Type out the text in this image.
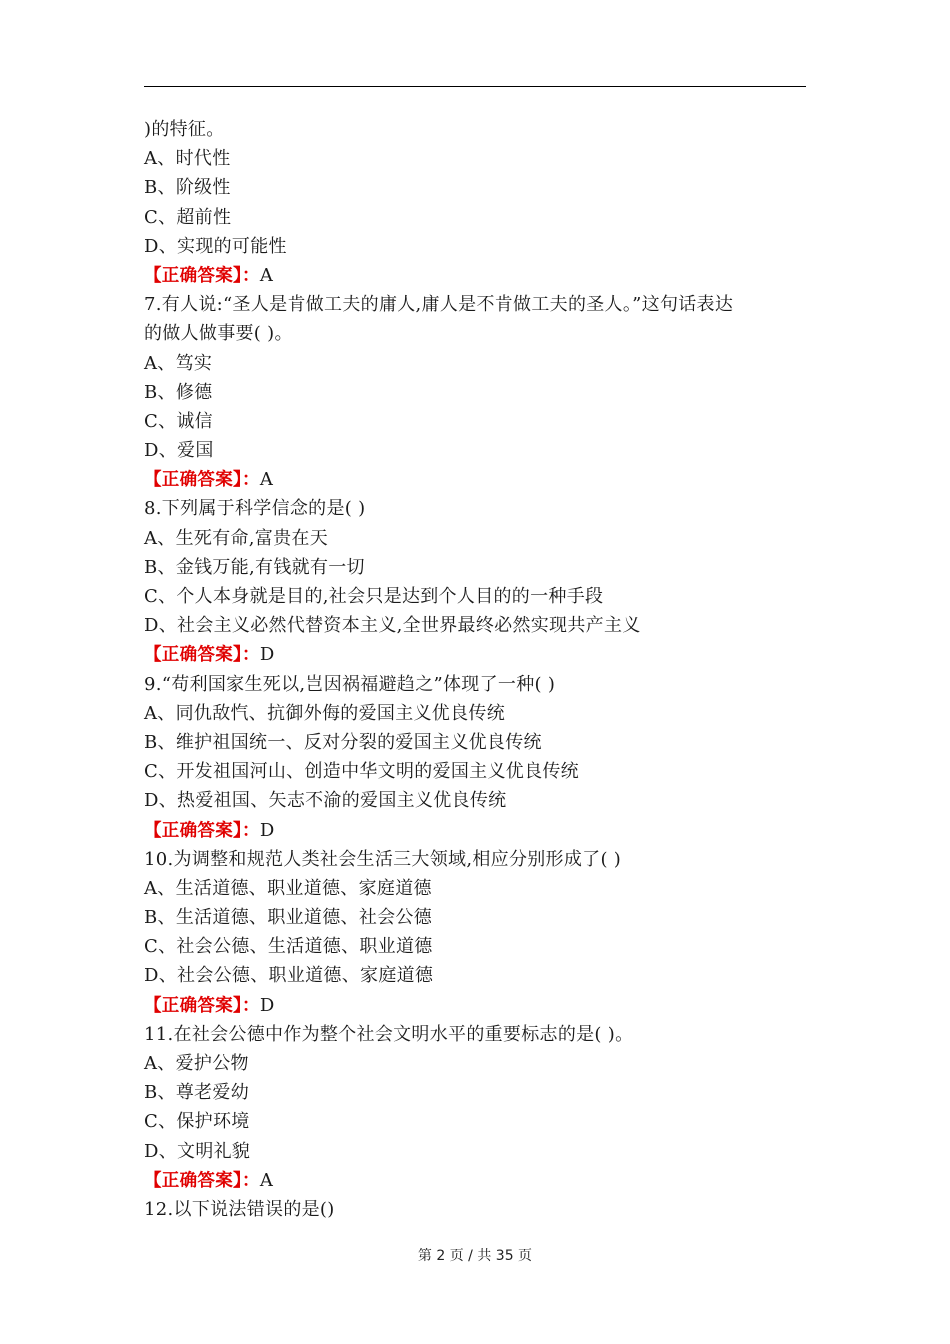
)的特征。
A、时代性
B、阶级性
C、超前性
D、实现的可能性
【正确答案】：A
7.有人说:“圣人是肯做工夫的庸人,庸人是不肯做工夫的圣人。”这句话表达
的做人做事要( )。
A、笃实
B、修德
C、诚信
D、爱国
【正确答案】：A
8.下列属于科学信念的是( )
A、生死有命,富贵在天
B、金钱万能,有钱就有一切
C、个人本身就是目的,社会只是达到个人目的的一种手段
D、社会主义必然代替资本主义,全世界最终必然实现共产主义
【正确答案】：D
9.“苟利国家生死以,岂因祸福避趋之”体现了一种( )
A、同仇敌忾、抗御外侮的爱国主义优良传统
B、维护祖国统一、反对分裂的爱国主义优良传统
C、开发祖国河山、创造中华文明的爱国主义优良传统
D、热爱祖国、矢志不渝的爱国主义优良传统
【正确答案】：D
10.为调整和规范人类社会生活三大领域,相应分别形成了( )
A、生活道德、职业道德、家庭道德
B、生活道德、职业道德、社会公德
C、社会公德、生活道德、职业道德
D、社会公德、职业道德、家庭道德
【正确答案】：D
11.在社会公德中作为整个社会文明水平的重要标志的是( )。
A、爱护公物
B、尊老爱幼
C、保护环境
D、文明礼貌
【正确答案】：A
12.以下说法错误的是()
第 2 页 / 共 35 页
